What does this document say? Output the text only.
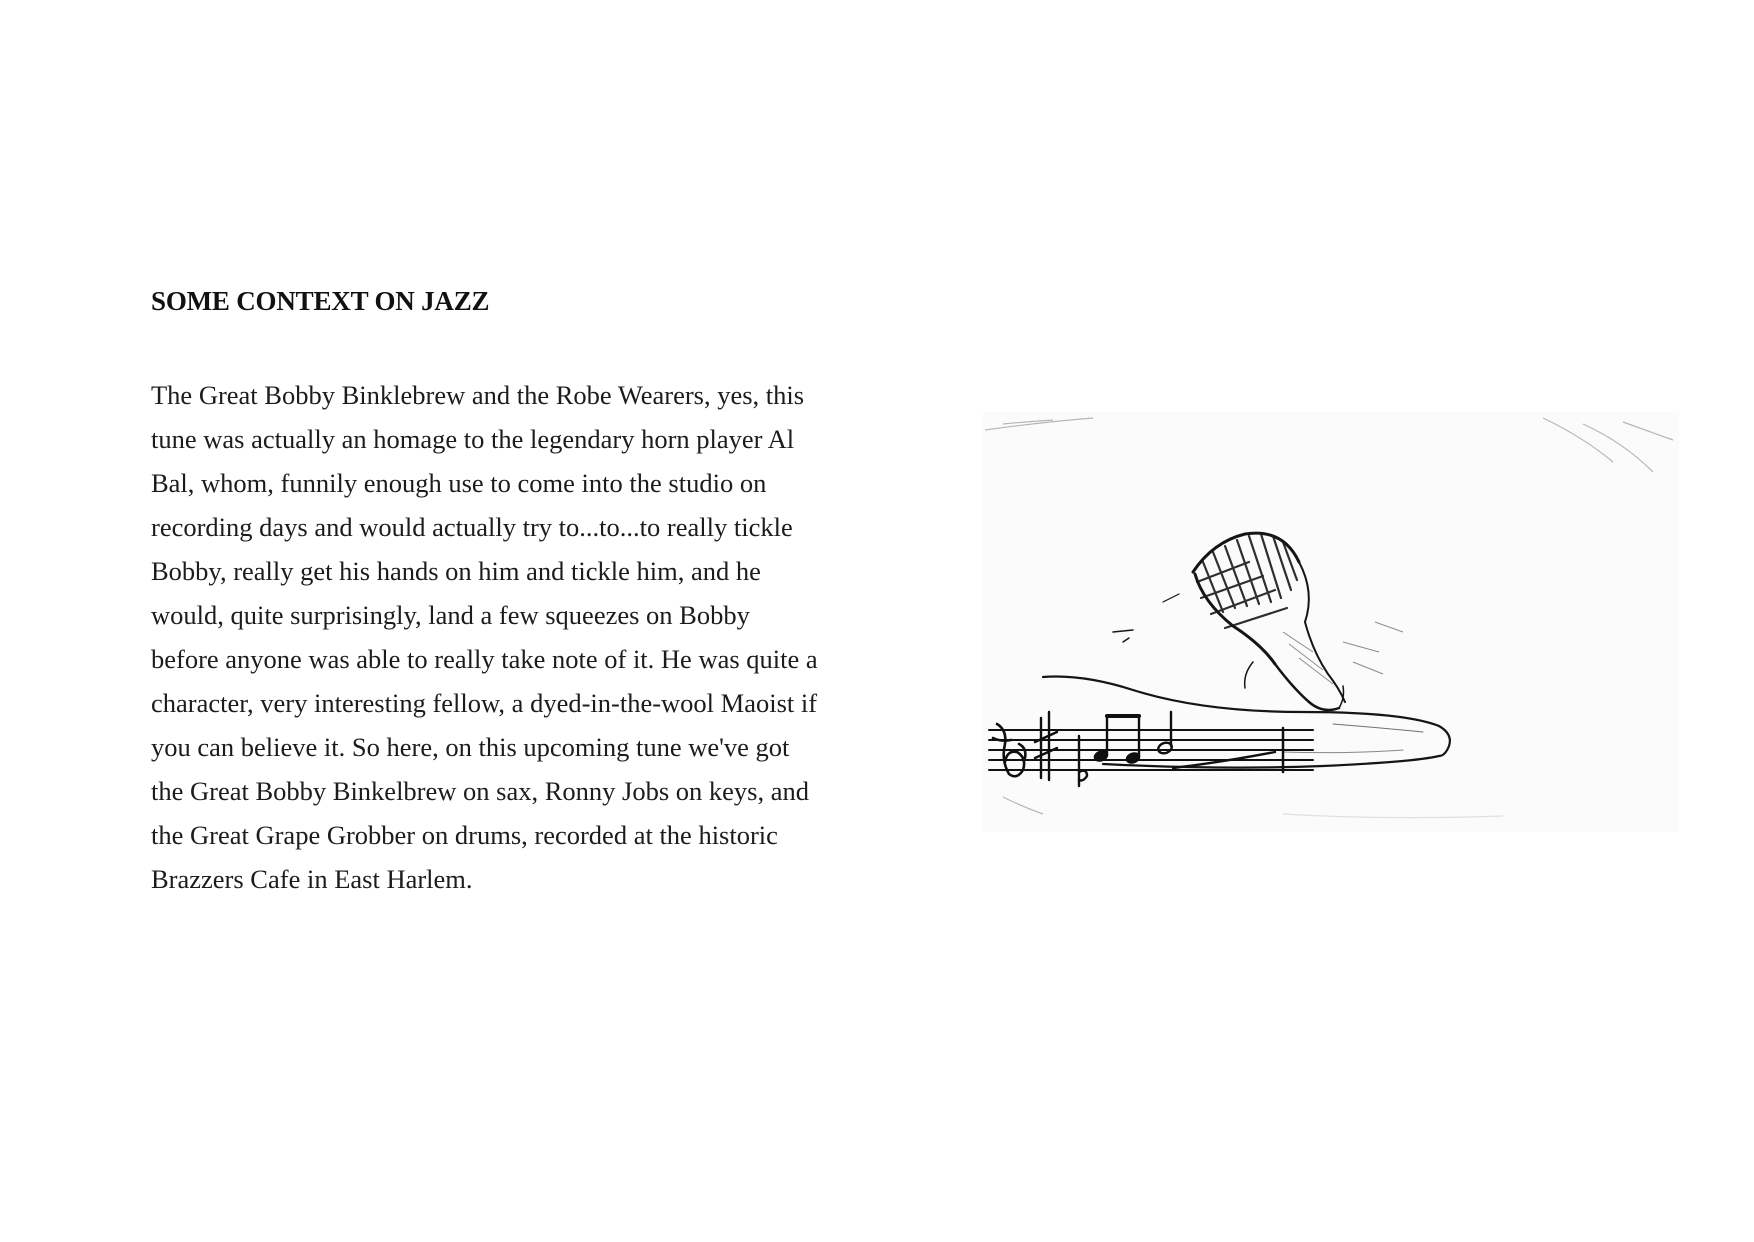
SOME CONTEXT ON JAZZ
The Great Bobby Binklebrew and the Robe Wearers, yes, this
tune was actually an homage to the legendary horn player Al
Bal, whom, funnily enough use to come into the studio on
recording days and would actually try to...to...to really tickle
Bobby, really get his hands on him and tickle him, and he
would, quite surprisingly, land a few squeezes on Bobby
before anyone was able to really take note of it. He was quite a
character, very interesting fellow, a dyed-in-the-wool Maoist if
you can believe it. So here, on this upcoming tune we've got
the Great Bobby Binkelbrew on sax, Ronny Jobs on keys, and
the Great Grape Grobber on drums, recorded at the historic
Brazzers Cafe in East Harlem.
